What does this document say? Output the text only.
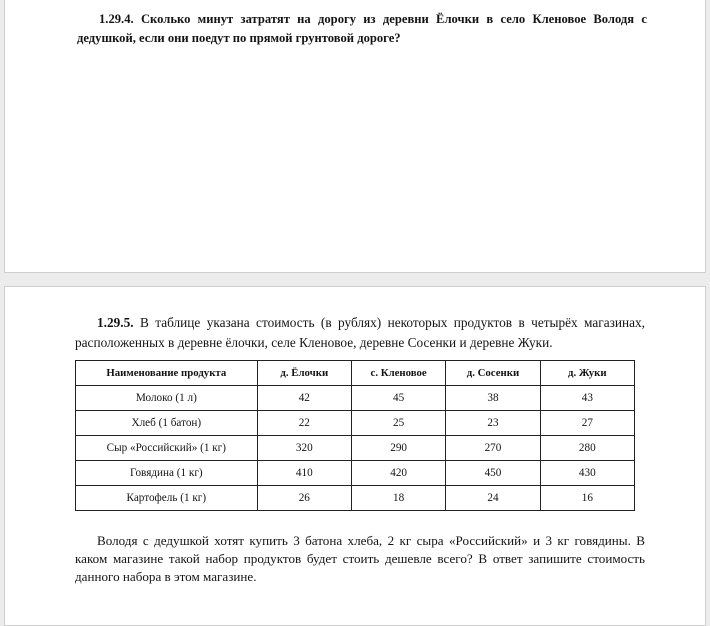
1.29.4. Сколько минут затратят на дорогу из деревни Ёлочки в село Кленовое Володя с дедушкой, если они поедут по прямой грунтовой дороге?

1.29.5. В таблице указана стоимость (в рублях) некоторых продуктов в четырёх магазинах, расположенных в деревне ёлочки, селе Кленовое, деревне Сосенки и деревне Жуки.

Наименование продукта	д. Ёлочки	с. Кленовое	д. Сосенки	д. Жуки
Молоко (1 л)	42	45	38	43
Хлеб (1 батон)	22	25	23	27
Сыр «Российский» (1 кг)	320	290	270	280
Говядина (1 кг)	410	420	450	430
Картофель (1 кг)	26	18	24	16

Володя с дедушкой хотят купить 3 батона хлеба, 2 кг сыра «Российский» и 3 кг говядины. В каком магазине такой набор продуктов будет стоить дешевле всего? В ответ запишите стоимость данного набора в этом магазине.
